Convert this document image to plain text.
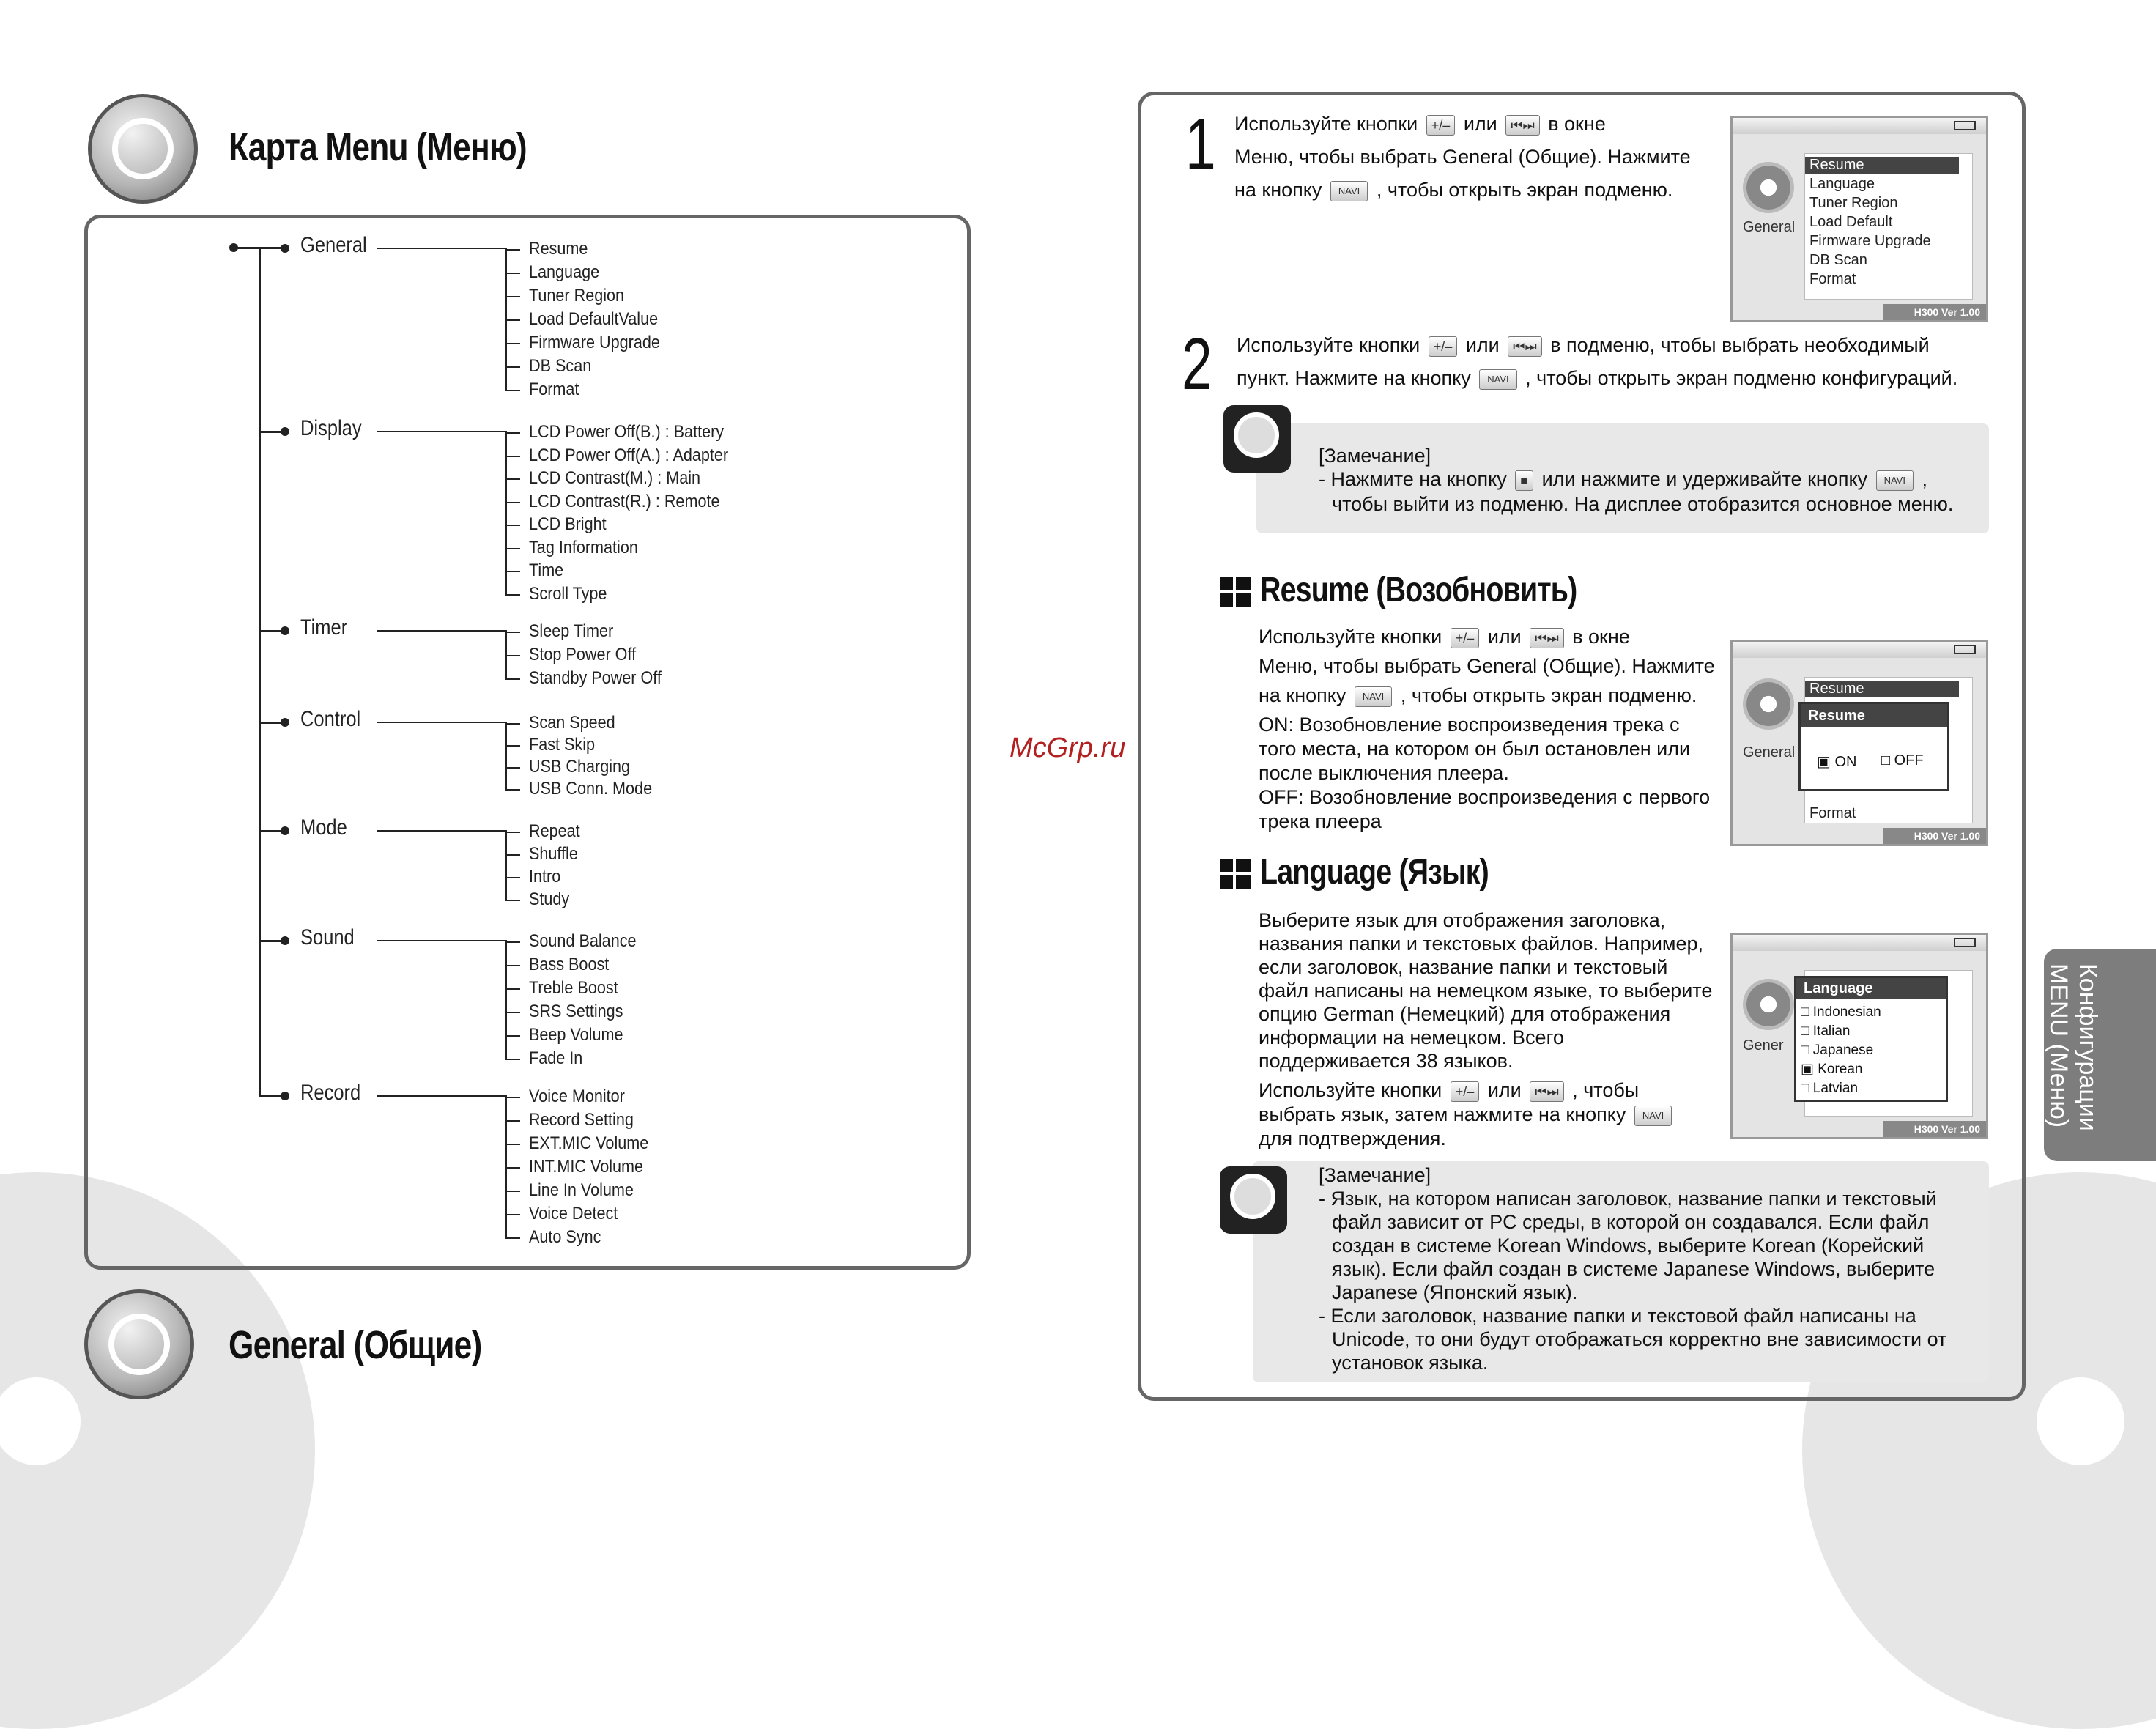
McGrp.ru
Карта Menu (Меню)
General	Resume
Language
Tuner Region
Load DefaultValue
Firmware Upgrade
DB Scan
Format
Display	LCD Power Off(B.) : Battery
LCD Power Off(A.) : Adapter
LCD Contrast(M.) : Main
LCD Contrast(R.) : Remote
LCD Bright
Tag Information
Time
Scroll Type
Timer	Sleep Timer
Stop Power Off
Standby Power Off
Control	Scan Speed
Fast Skip
USB Charging
USB Conn. Mode
Mode	Repeat
Shuffle
Intro
Study
Sound	Sound Balance
Bass Boost
Treble Boost
SRS Settings
Beep Volume
Fade In
Record	Voice Monitor
Record Setting
EXT.MIC Volume
INT.MIC Volume
Line In Volume
Voice Detect
Auto Sync
General (Общие)
1 Используйте кнопки +/– или ⏮⏭ в окне
Меню, чтобы выбрать General (Общие). Нажмите
на кнопку NAVI , чтобы открыть экран подменю.
General
Resume
Language
Tuner Region
Load Default
Firmware Upgrade
DB Scan
Format
H300 Ver 1.00
2 Используйте кнопки +/– или ⏮⏭ в подменю, чтобы выбрать необходимый
пункт. Нажмите на кнопку NAVI , чтобы открыть экран подменю конфигураций.
[Замечание]
- Нажмите на кнопку ■ или нажмите и удерживайте кнопку NAVI ,
чтобы выйти из подменю. На дисплее отобразится основное меню.
Resume (Возобновить)
Используйте кнопки +/– или ⏮⏭ в окне
Меню, чтобы выбрать General (Общие). Нажмите
на кнопку NAVI , чтобы открыть экран подменю.
ON: Возобновление воспроизведения трека с
того места, на котором он был остановлен или
после выключения плеера.
OFF: Возобновление воспроизведения с первого
трека плеера
General
Resume
Format
Resume
▣ ON □ OFF
H300 Ver 1.00
Language (Язык)
Выберите язык для отображения заголовка,
названия папки и текстовых файлов. Например,
если заголовок, название папки и текстовый
файл написаны на немецком языке, то выберите
опцию German (Немецкий) для отображения
информации на немецком. Всего
поддерживается 38 языков.
Используйте кнопки +/– или ⏮⏭ , чтобы
выбрать язык, затем нажмите на кнопку NAVI
для подтверждения.
Gener
Language
□ Indonesian
□ Italian
□ Japanese
▣ Korean
□ Latvian
H300 Ver 1.00
[Замечание]
- Язык, на котором написан заголовок, название папки и текстовый
файл зависит от PC среды, в которой он создавался. Если файл
создан в системе Korean Windows, выберите Korean (Корейский
язык). Если файл создан в системе Japanese Windows, выберите
Japanese (Японский язык).
- Если заголовок, название папки и текстовой файл написаны на
Unicode, то они будут отображаться корректно вне зависимости от
установок языка.
Конфигурации
MENU (Меню)
